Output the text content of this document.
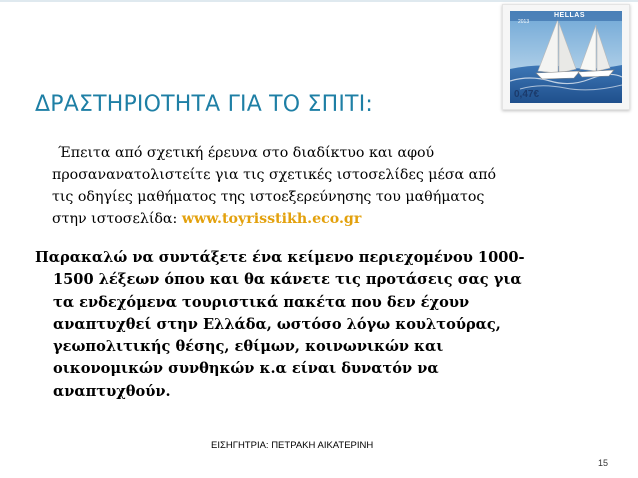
HELLAS
2013
0,47€
ΔΡΑΣΤΗΡΙΟΤΗΤΑ ΓΙΑ ΤΟ ΣΠΙΤΙ:
Έπειτα από σχετική έρευνα στο διαδίκτυο και αφού
προσανανατολιστείτε για τις σχετικές ιστοσελίδες μέσα από
τις οδηγίες μαθήματος της ιστοεξερεύνησης του μαθήματος
στην ιστοσελίδα: www.toyrisstikh.eco.gr
Παρακαλώ να συντάξετε ένα κείμενο περιεχομένου 1000-
1500 λέξεων όπου και θα κάνετε τις προτάσεις σας για
τα ενδεχόμενα τουριστικά πακέτα που δεν έχουν
αναπτυχθεί στην Ελλάδα, ωστόσο λόγω κουλτούρας,
γεωπολιτικής θέσης, εθίμων, κοινωνικών και
οικονομικών συνθηκών κ.α είναι δυνατόν να
αναπτυχθούν.
ΕΙΣΗΓΗΤΡΙΑ: ΠΕΤΡΑΚΗ ΑΙΚΑΤΕΡΙΝΗ
15
